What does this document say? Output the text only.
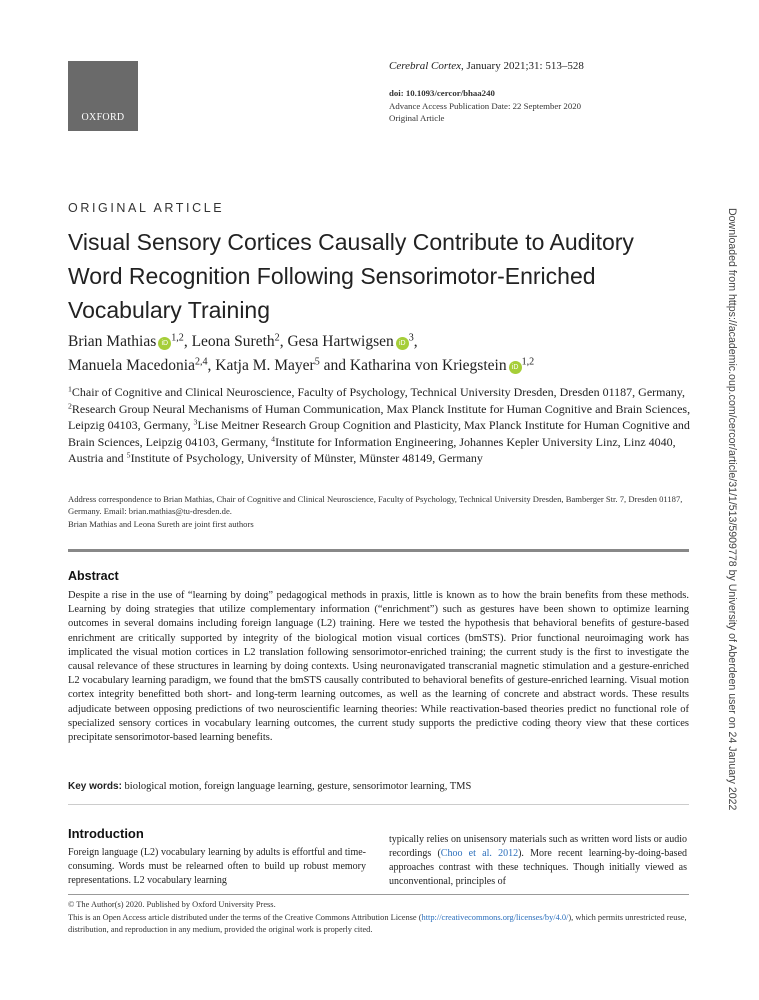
OXFORD
Cerebral Cortex, January 2021;31: 513–528
doi: 10.1093/cercor/bhaa240
Advance Access Publication Date: 22 September 2020
Original Article
ORIGINAL ARTICLE
Visual Sensory Cortices Causally Contribute to Auditory Word Recognition Following Sensorimotor-Enriched Vocabulary Training
Brian Mathias iD$^{1,2}$, Leona Sureth$^2$, Gesa Hartwigsen $iD^3$,
Manuela Macedonia$^{2,4}$, Katja M. Mayer$^5$ and Katharina von Kriegstein iD$^{1,2}$
$^1$Chair of Cognitive and Clinical Neuroscience, Faculty of Psychology, Technical University Dresden, Dresden 01187, Germany, $^2$Research Group Neural Mechanisms of Human Communication, Max Planck Institute for Human Cognitive and Brain Sciences, Leipzig 04103, Germany, $^3$Lise Meitner Research Group Cognition and Plasticity, Max Planck Institute for Human Cognitive and Brain Sciences, Leipzig 04103, Germany, $^4$Institute for Information Engineering, Johannes Kepler University Linz, Linz 4040, Austria and $^5$Institute of Psychology, University of Münster, Münster 48149, Germany
Address correspondence to Brian Mathias, Chair of Cognitive and Clinical Neuroscience, Faculty of Psychology, Technical University Dresden, Bamberger Str. 7, Dresden 01187, Germany. Email: brian.mathias@tu-dresden.de.
Brian Mathias and Leona Sureth are joint first authors
Abstract
Despite a rise in the use of “learning by doing” pedagogical methods in praxis, little is known as to how the brain benefits from these methods. Learning by doing strategies that utilize complementary information (“enrichment”) such as gestures have been shown to optimize learning outcomes in several domains including foreign language (L2) training. Here we tested the hypothesis that behavioral benefits of gesture-based enrichment are critically supported by integrity of the biological motion visual cortices (bmSTS). Prior functional neuroimaging work has implicated the visual motion cortices in L2 translation following sensorimotor-enriched training; the current study is the first to investigate the causal relevance of these structures in learning by doing contexts. Using neuronavigated transcranial magnetic stimulation and a gesture-enriched L2 vocabulary learning paradigm, we found that the bmSTS causally contributed to behavioral benefits of gesture-enriched learning. Visual motion cortex integrity benefitted both short- and long-term learning outcomes, as well as the learning of concrete and abstract words. These results adjudicate between opposing predictions of two neuroscientific learning theories: While reactivation-based theories predict no functional role of specialized sensory cortices in vocabulary learning outcomes, the current study supports the predictive coding theory view that these cortices precipitate sensorimotor-based learning benefits.
Key words: biological motion, foreign language learning, gesture, sensorimotor learning, TMS
Introduction
Foreign language (L2) vocabulary learning by adults is effortful and time-consuming. Words must be relearned often to build up robust memory representations. L2 vocabulary learning
typically relies on unisensory materials such as written word lists or audio recordings (Choo et al. 2012). More recent learning-by-doing-based approaches contrast with these techniques. Though initially viewed as unconventional, principles of
© The Author(s) 2020. Published by Oxford University Press.
This is an Open Access article distributed under the terms of the Creative Commons Attribution License (http://creativecommons.org/licenses/by/4.0/), which permits unrestricted reuse, distribution, and reproduction in any medium, provided the original work is properly cited.
Downloaded from https://academic.oup.com/cercor/article/31/1/513/5909778 by University of Aberdeen user on 24 January 2022
